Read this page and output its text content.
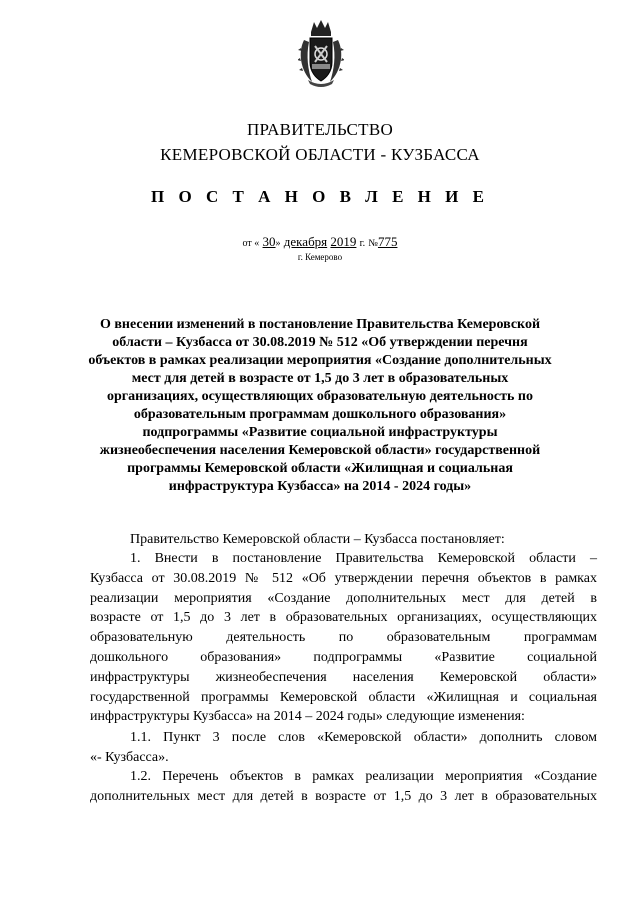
ПРАВИТЕЛЬСТВО
КЕМЕРОВСКОЙ ОБЛАСТИ - КУЗБАССА
П О С Т А Н О В Л Е Н И Е
от « 30» декабря 2019 г. №775
г. Кемерово
О внесении изменений в постановление Правительства Кемеровской
области – Кузбасса от 30.08.2019 № 512 «Об утверждении перечня
объектов в рамках реализации мероприятия «Создание дополнительных
мест для детей в возрасте от 1,5 до 3 лет в образовательных
организациях, осуществляющих образовательную деятельность по
образовательным программам дошкольного образования»
подпрограммы «Развитие социальной инфраструктуры
жизнеобеспечения населения Кемеровской области» государственной
программы Кемеровской области «Жилищная и социальная
инфраструктура Кузбасса» на 2014 - 2024 годы»
Правительство Кемеровской области – Кузбасса постановляет:
1. Внести в постановление Правительства Кемеровской области –
Кузбасса от 30.08.2019 № 512 «Об утверждении перечня объектов в рамках
реализации мероприятия «Создание дополнительных мест для детей в
возрасте от 1,5 до 3 лет в образовательных организациях, осуществляющих
образовательную деятельность по образовательным программам
дошкольного образования» подпрограммы «Развитие социальной
инфраструктуры жизнеобеспечения населения Кемеровской области»
государственной программы Кемеровской области «Жилищная и социальная
инфраструктуры Кузбасса» на 2014 – 2024 годы» следующие изменения:
1.1. Пункт 3 после слов «Кемеровской области» дополнить словом
«- Кузбасса».
1.2. Перечень объектов в рамках реализации мероприятия «Создание
дополнительных мест для детей в возрасте от 1,5 до 3 лет в образовательных
